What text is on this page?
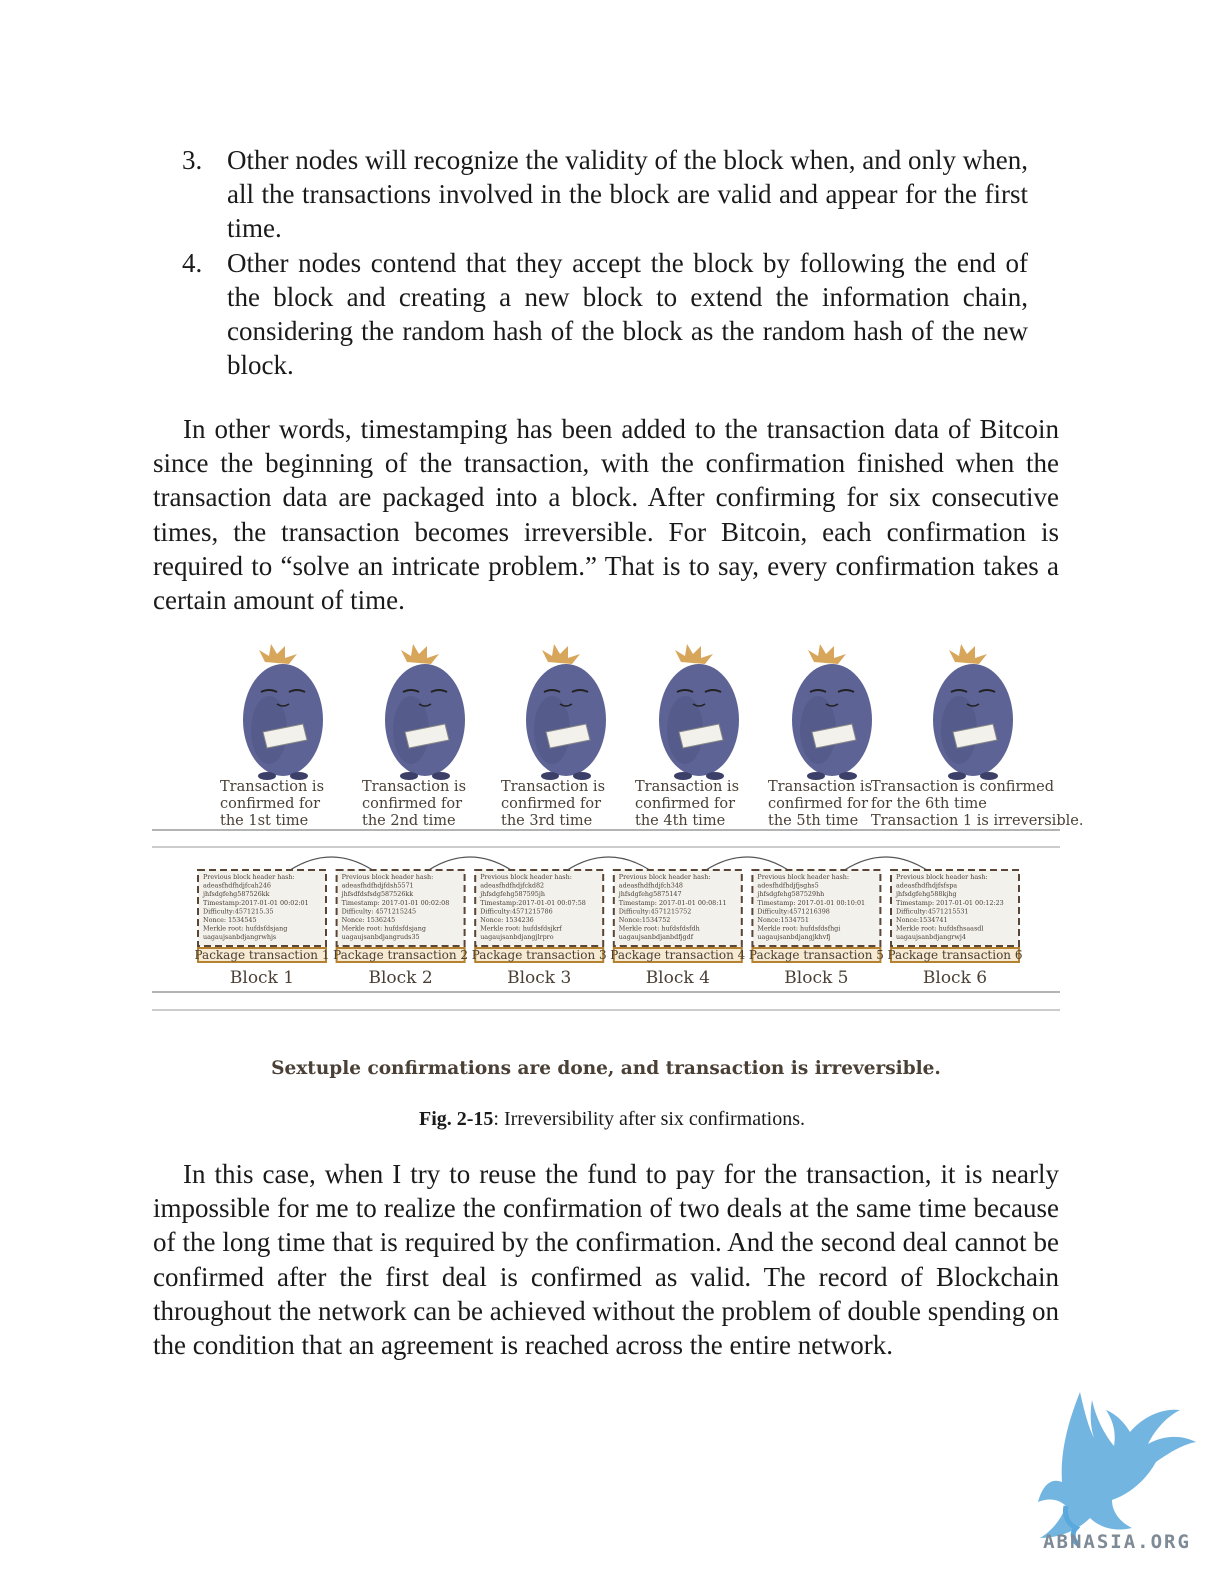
3. Other nodes will recognize the validity of the block when, and only when, all the transactions involved in the block are valid and appear for the first time.
4. Other nodes contend that they accept the block by following the end of the block and creating a new block to extend the information chain, considering the random hash of the block as the random hash of the new block.

In other words, timestamping has been added to the transaction data of Bitcoin since the beginning of the transaction, with the confirmation finished when the transaction data are packaged into a block. After confirming for six consecutive times, the transaction becomes irreversible. For Bitcoin, each confirmation is required to “solve an intricate problem.” That is to say, every confirmation takes a certain amount of time.

Transaction is
confirmed for
the 1st time
Transaction is
confirmed for
the 2nd time
Transaction is
confirmed for
the 3rd time
Transaction is
confirmed for
the 4th time
Transaction is
confirmed for
the 5th time
Transaction is confirmed
for the 6th time
Transaction 1 is irreversible.
Previous block header hash:
adeasfhdfhdjfcah246
jhfsdgfehg587526kk
Timestamp:2017-01-01 00:02:01
Difficulty:4571215.35
Nonce: 1534545
Merkle root: hufdsfdsjang
uagaujsanbdjangrwhjs
Package transaction 1
Block 1
Previous block header hash:
adeasfhdfhdjfdsh5571
jhfsdfdsfsdg587526kk
Timestamp: 2017-01-01 00:02:08
Difficulty: 4571215245
Nonce: 1536245
Merkle root: hufdsfdsjang
uagaujsanbdjangruds35
Package transaction 2
Block 2
Previous block header hash:
adeasfhdfhdjfckd82
jhfsdgfehg587595jh
Timestamp:2017-01-01 00:07:58
Difficulty:4571215786
Nonce: 1534236
Merkle root: hufdsfdsjkrf
uagaujsanbdjangjlrpro
Package transaction 3
Block 3
Previous block header hash:
adeasfhdfhdjfch348
jhfsdgfehg5875147
Timestamp: 2017-01-01 00:08:11
Difficulty:4571215752
Nonce:1534752
Merkle root: hufdsfdsfdh
uagaujsanbdjanbdfjgdf
Package transaction 4
Block 4
Previous block header hash:
adesfhdfhdjfjsghs5
jhfsdgfehg587529hh
Timestamp: 2017-01-01 00:10:01
Difficulty:4571216398
Nonce:1534751
Merkle root: hufdsfdsfhgi
uagaujsanbdjangjkhvfj
Package transaction 5
Block 5
Previous block header hash:
adeasfhdfhdjfsfspa
jhfsdgfehg588kjhg
Timestamp: 2017-01-01 00:12:23
Difficulty:4571215531
Nonce:1534741
Merkle root: hufdsfhsaasdl
uagaujsanbdjangrwj4
Package transaction 6
Block 6
Sextuple confirmations are done, and transaction is irreversible.
Fig. 2-15: Irreversibility after six confirmations.

In this case, when I try to reuse the fund to pay for the transaction, it is nearly impossible for me to realize the confirmation of two deals at the same time because of the long time that is required by the confirmation. And the second deal cannot be confirmed after the first deal is confirmed as valid. The record of Blockchain throughout the network can be achieved without the problem of double spending on the condition that an agreement is reached across the entire network.

ABNASIA.ORG
